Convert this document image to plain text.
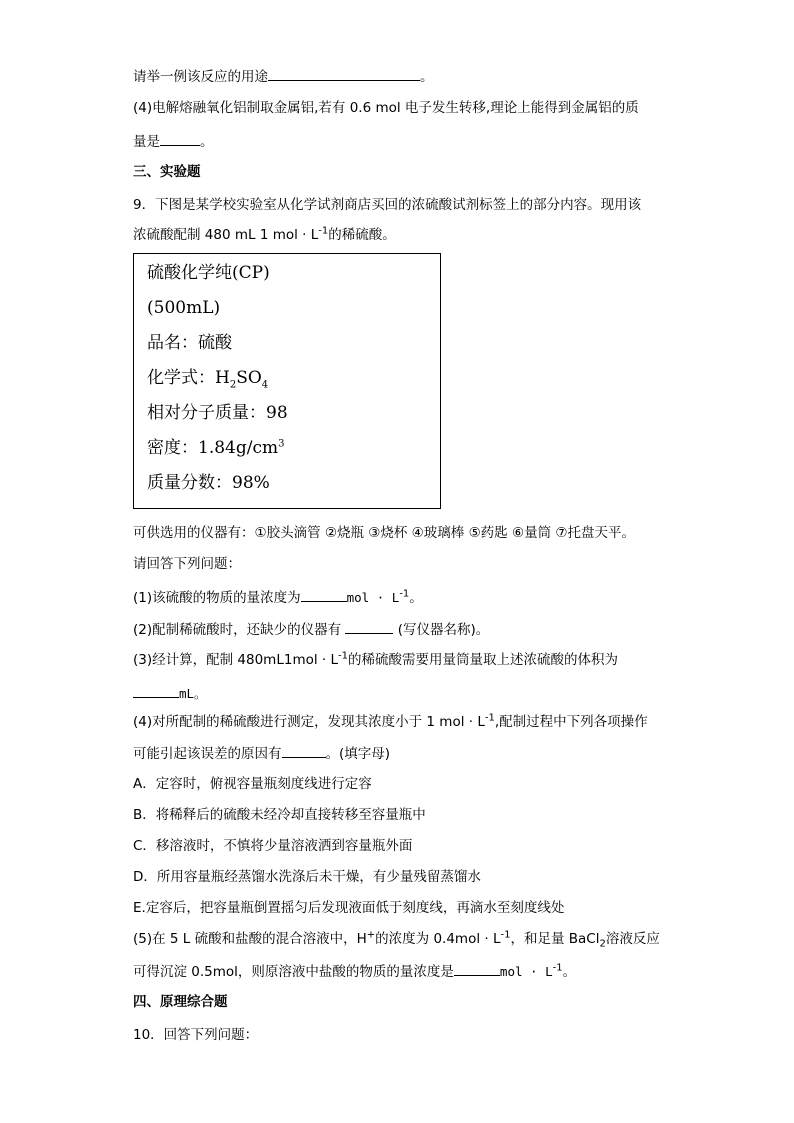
请举一例该反应的用途	。
(4)电解熔融氧化铝制取金属铝,若有 0.6 mol 电子发生转移,理论上能得到金属铝的质
量是	。
三、实验题
9．下图是某学校实验室从化学试剂商店买回的浓硫酸试剂标签上的部分内容。现用该
浓硫酸配制 480 mL 1 mol · $L^{-1}$的稀硫酸。
硫酸化学纯(CP)
(500mL)
品名：硫酸
化学式：$H_2SO_4$
相对分子质量：98
密度：$1.84g/cm^3$
质量分数：98%
可供选用的仪器有：①胶头滴管 ②烧瓶 ③烧杯 ④玻璃棒 ⑤药匙 ⑥量筒 ⑦托盘天平。
请回答下列问题：
(1)该硫酸的物质的量浓度为	mol · $L^{-1}$。
(2)配制稀硫酸时，还缺少的仪器有	(写仪器名称)。
(3)经计算，配制 $480mL1mol \cdot L^{-1}$的稀硫酸需要用量筒量取上述浓硫酸的体积为
mL。
(4)对所配制的稀硫酸进行测定，发现其浓度小于 1 mol · $L^{-1}$,配制过程中下列各项操作
可能引起该误差的原因有	。(填字母)
A．定容时，俯视容量瓶刻度线进行定容
B．将稀释后的硫酸未经冷却直接转移至容量瓶中
C．移溶液时，不慎将少量溶液洒到容量瓶外面
D．所用容量瓶经蒸馏水洗涤后未干燥，有少量残留蒸馏水
E.定容后，把容量瓶倒置摇匀后发现液面低于刻度线，再滴水至刻度线处
(5)在 5 L 硫酸和盐酸的混合溶液中，H+的浓度为 $0.4mol \cdot L^{-1}$，和足量 BaCl$_2$溶液反应
可得沉淀 0.5mol，则原溶液中盐酸的物质的量浓度是	mol · $L^{-1}$。
四、原理综合题
10．回答下列问题：
